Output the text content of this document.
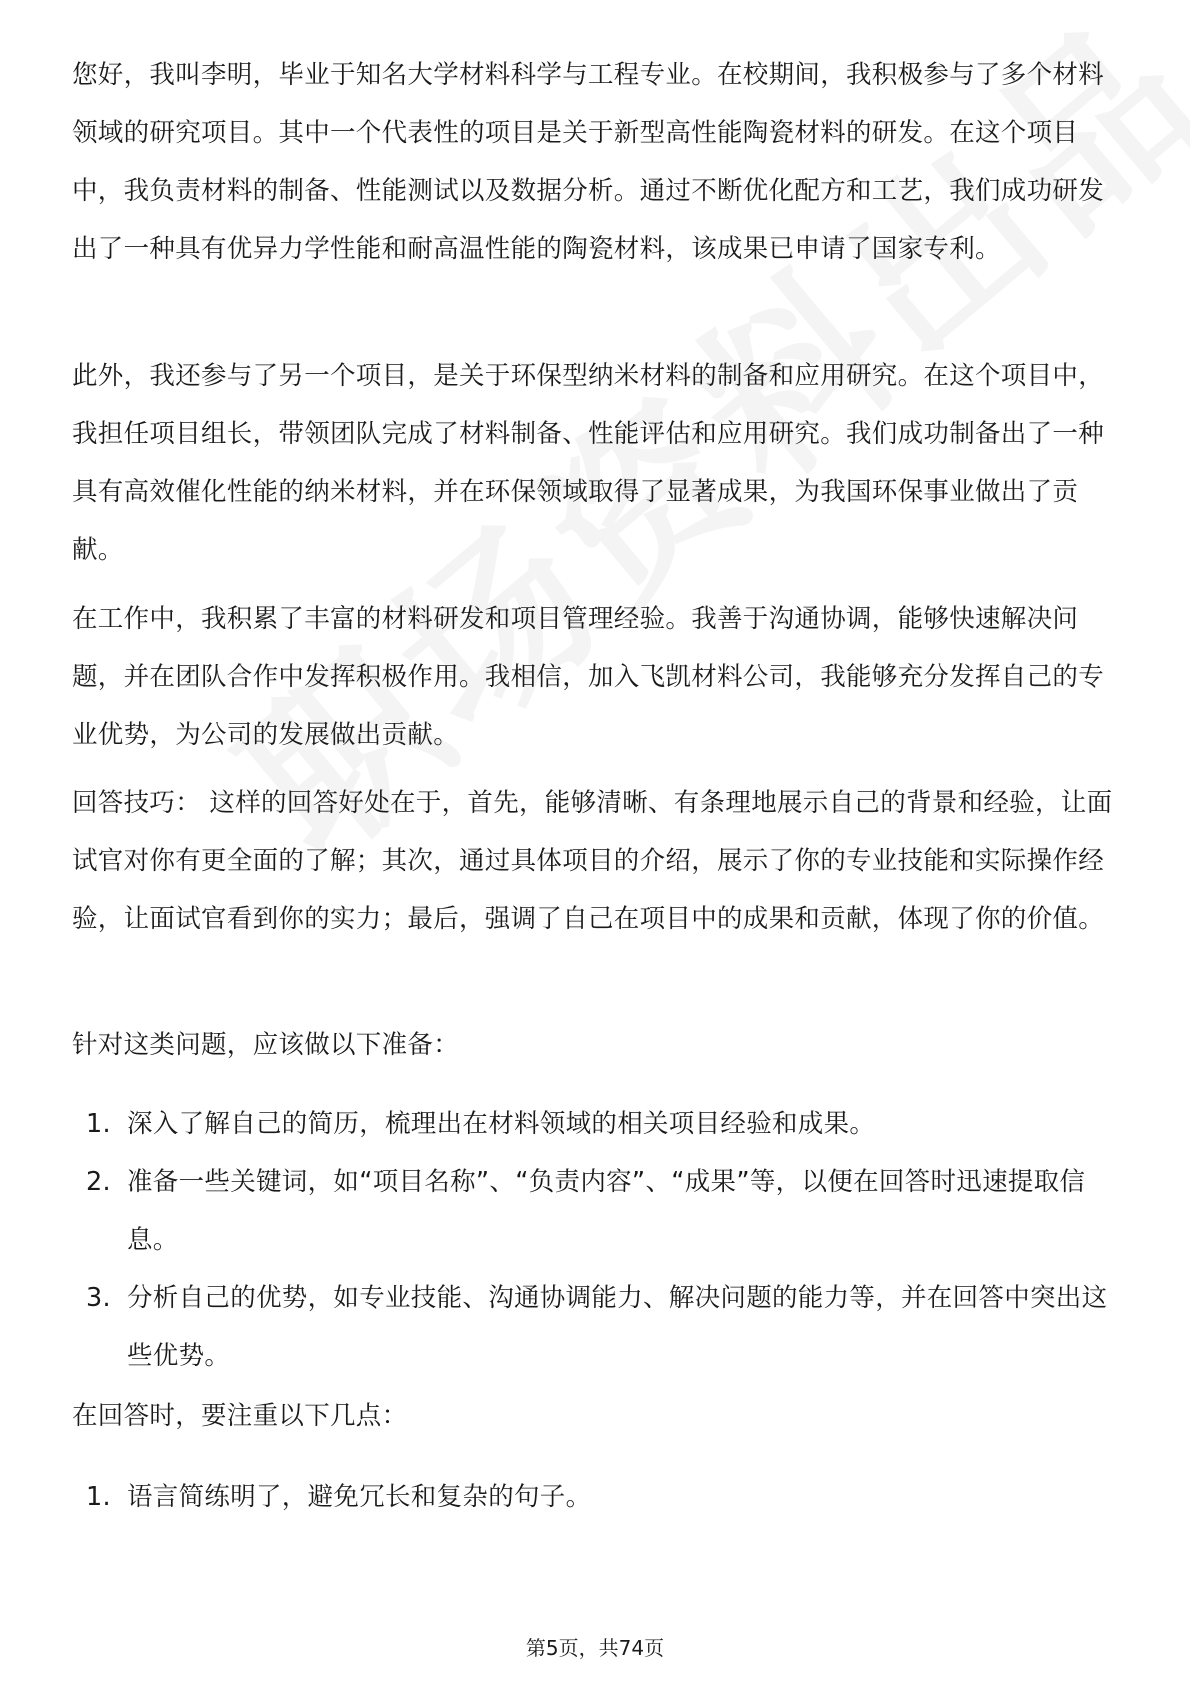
您好，我叫李明，毕业于知名大学材料科学与工程专业。在校期间，我积极参与了多个材料领域的研究项目。其中一个代表性的项目是关于新型高性能陶瓷材料的研发。在这个项目中，我负责材料的制备、性能测试以及数据分析。通过不断优化配方和工艺，我们成功研发出了一种具有优异力学性能和耐高温性能的陶瓷材料，该成果已申请了国家专利。

此外，我还参与了另一个项目，是关于环保型纳米材料的制备和应用研究。在这个项目中，我担任项目组长，带领团队完成了材料制备、性能评估和应用研究。我们成功制备出了一种具有高效催化性能的纳米材料，并在环保领域取得了显著成果，为我国环保事业做出了贡献。

在工作中，我积累了丰富的材料研发和项目管理经验。我善于沟通协调，能够快速解决问题，并在团队合作中发挥积极作用。我相信，加入飞凯材料公司，我能够充分发挥自己的专业优势，为公司的发展做出贡献。

回答技巧： 这样的回答好处在于，首先，能够清晰、有条理地展示自己的背景和经验，让面试官对你有更全面的了解；其次，通过具体项目的介绍，展示了你的专业技能和实际操作经验，让面试官看到你的实力；最后，强调了自己在项目中的成果和贡献，体现了你的价值。

针对这类问题，应该做以下准备：

1. 深入了解自己的简历，梳理出在材料领域的相关项目经验和成果。
2. 准备一些关键词，如“项目名称”、“负责内容”、“成果”等，以便在回答时迅速提取信息。
3. 分析自己的优势，如专业技能、沟通协调能力、解决问题的能力等，并在回答中突出这些优势。

在回答时，要注重以下几点：

1. 语言简练明了，避免冗长和复杂的句子。
第5页，共74页
